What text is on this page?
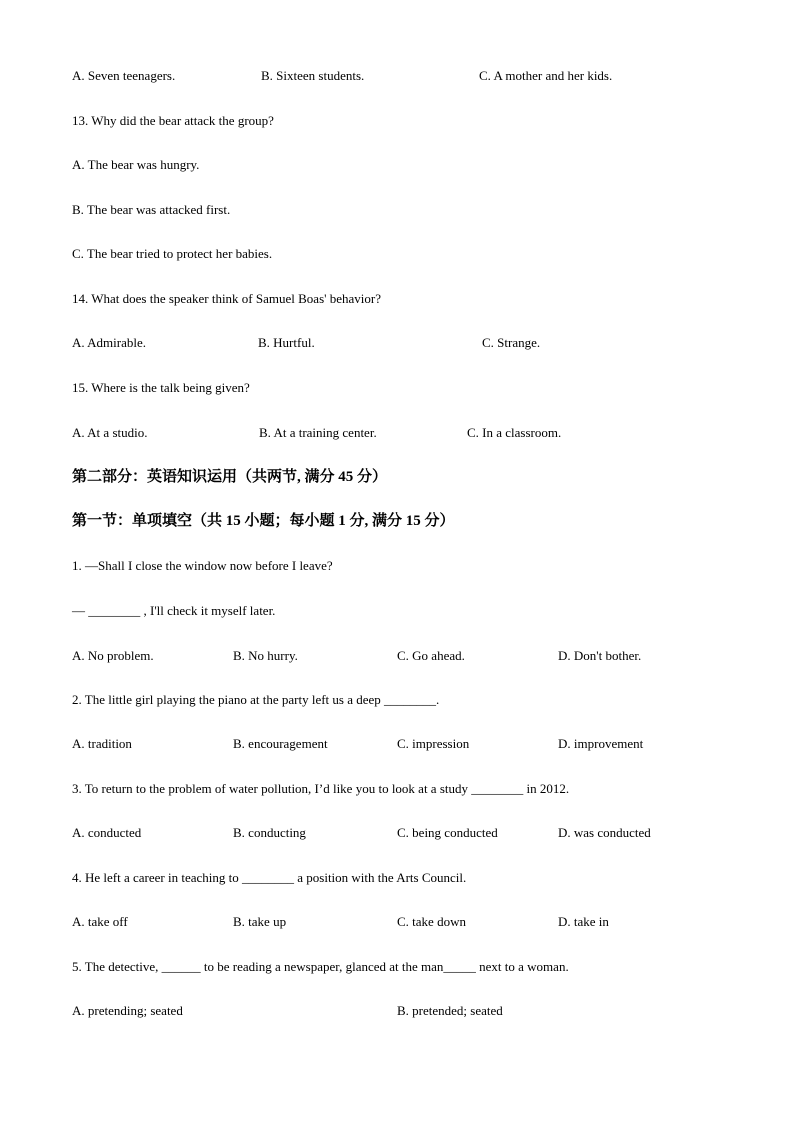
A. Seven teenagers.	B. Sixteen students.	C. A mother and her kids.
13. Why did the bear attack the group?
A. The bear was hungry.
B. The bear was attacked first.
C. The bear tried to protect her babies.
14. What does the speaker think of Samuel Boas' behavior?
A. Admirable.	B. Hurtful.	C. Strange.
15. Where is the talk being given?
A. At a studio.	B. At a training center.	C. In a classroom.
第二部分：英语知识运用（共两节, 满分 45 分）
第一节：单项填空（共 15 小题；每小题 1 分, 满分 15 分）
1. —Shall I close the window now before I leave?
— ________ , I'll check it myself later.
A. No problem.	B. No hurry.	C. Go ahead.	D. Don't bother.
2. The little girl playing the piano at the party left us a deep ________.
A. tradition	B. encouragement	C. impression	D. improvement
3. To return to the problem of water pollution, I’d like you to look at a study ________ in 2012.
A. conducted	B. conducting	C. being conducted	D. was conducted
4. He left a career in teaching to ________ a position with the Arts Council.
A. take off	B. take up	C. take down	D. take in
5. The detective, ______ to be reading a newspaper, glanced at the man_____ next to a woman.
A. pretending; seated	B. pretended; seated
